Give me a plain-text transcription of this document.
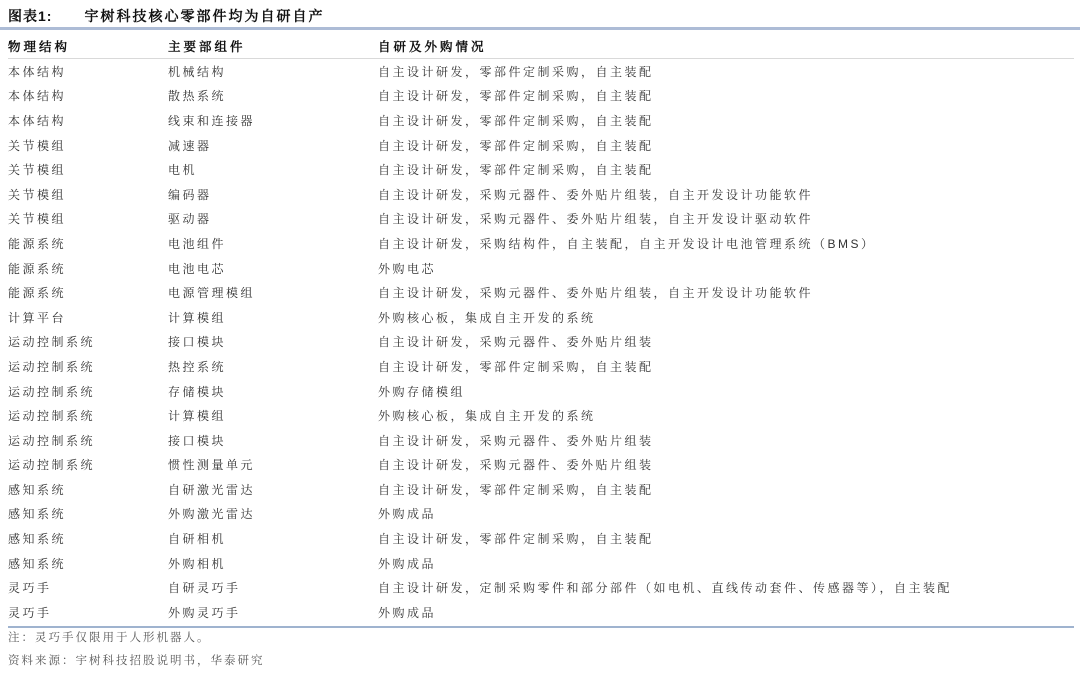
图表1: 宇树科技核心零部件均为自研自产
物理结构	主要部组件	自研及外购情况
本体结构	机械结构	自主设计研发，零部件定制采购，自主装配
本体结构	散热系统	自主设计研发，零部件定制采购，自主装配
本体结构	线束和连接器	自主设计研发，零部件定制采购，自主装配
关节模组	减速器	自主设计研发，零部件定制采购，自主装配
关节模组	电机	自主设计研发，零部件定制采购，自主装配
关节模组	编码器	自主设计研发，采购元器件、委外贴片组装，自主开发设计功能软件
关节模组	驱动器	自主设计研发，采购元器件、委外贴片组装，自主开发设计驱动软件
能源系统	电池组件	自主设计研发，采购结构件，自主装配，自主开发设计电池管理系统（BMS）
能源系统	电池电芯	外购电芯
能源系统	电源管理模组	自主设计研发，采购元器件、委外贴片组装，自主开发设计功能软件
计算平台	计算模组	外购核心板，集成自主开发的系统
运动控制系统	接口模块	自主设计研发，采购元器件、委外贴片组装
运动控制系统	热控系统	自主设计研发，零部件定制采购，自主装配
运动控制系统	存储模块	外购存储模组
运动控制系统	计算模组	外购核心板，集成自主开发的系统
运动控制系统	接口模块	自主设计研发，采购元器件、委外贴片组装
运动控制系统	惯性测量单元	自主设计研发，采购元器件、委外贴片组装
感知系统	自研激光雷达	自主设计研发，零部件定制采购，自主装配
感知系统	外购激光雷达	外购成品
感知系统	自研相机	自主设计研发，零部件定制采购，自主装配
感知系统	外购相机	外购成品
灵巧手	自研灵巧手	自主设计研发，定制采购零件和部分部件（如电机、直线传动套件、传感器等），自主装配
灵巧手	外购灵巧手	外购成品
注：灵巧手仅限用于人形机器人。
资料来源：宇树科技招股说明书，华泰研究
